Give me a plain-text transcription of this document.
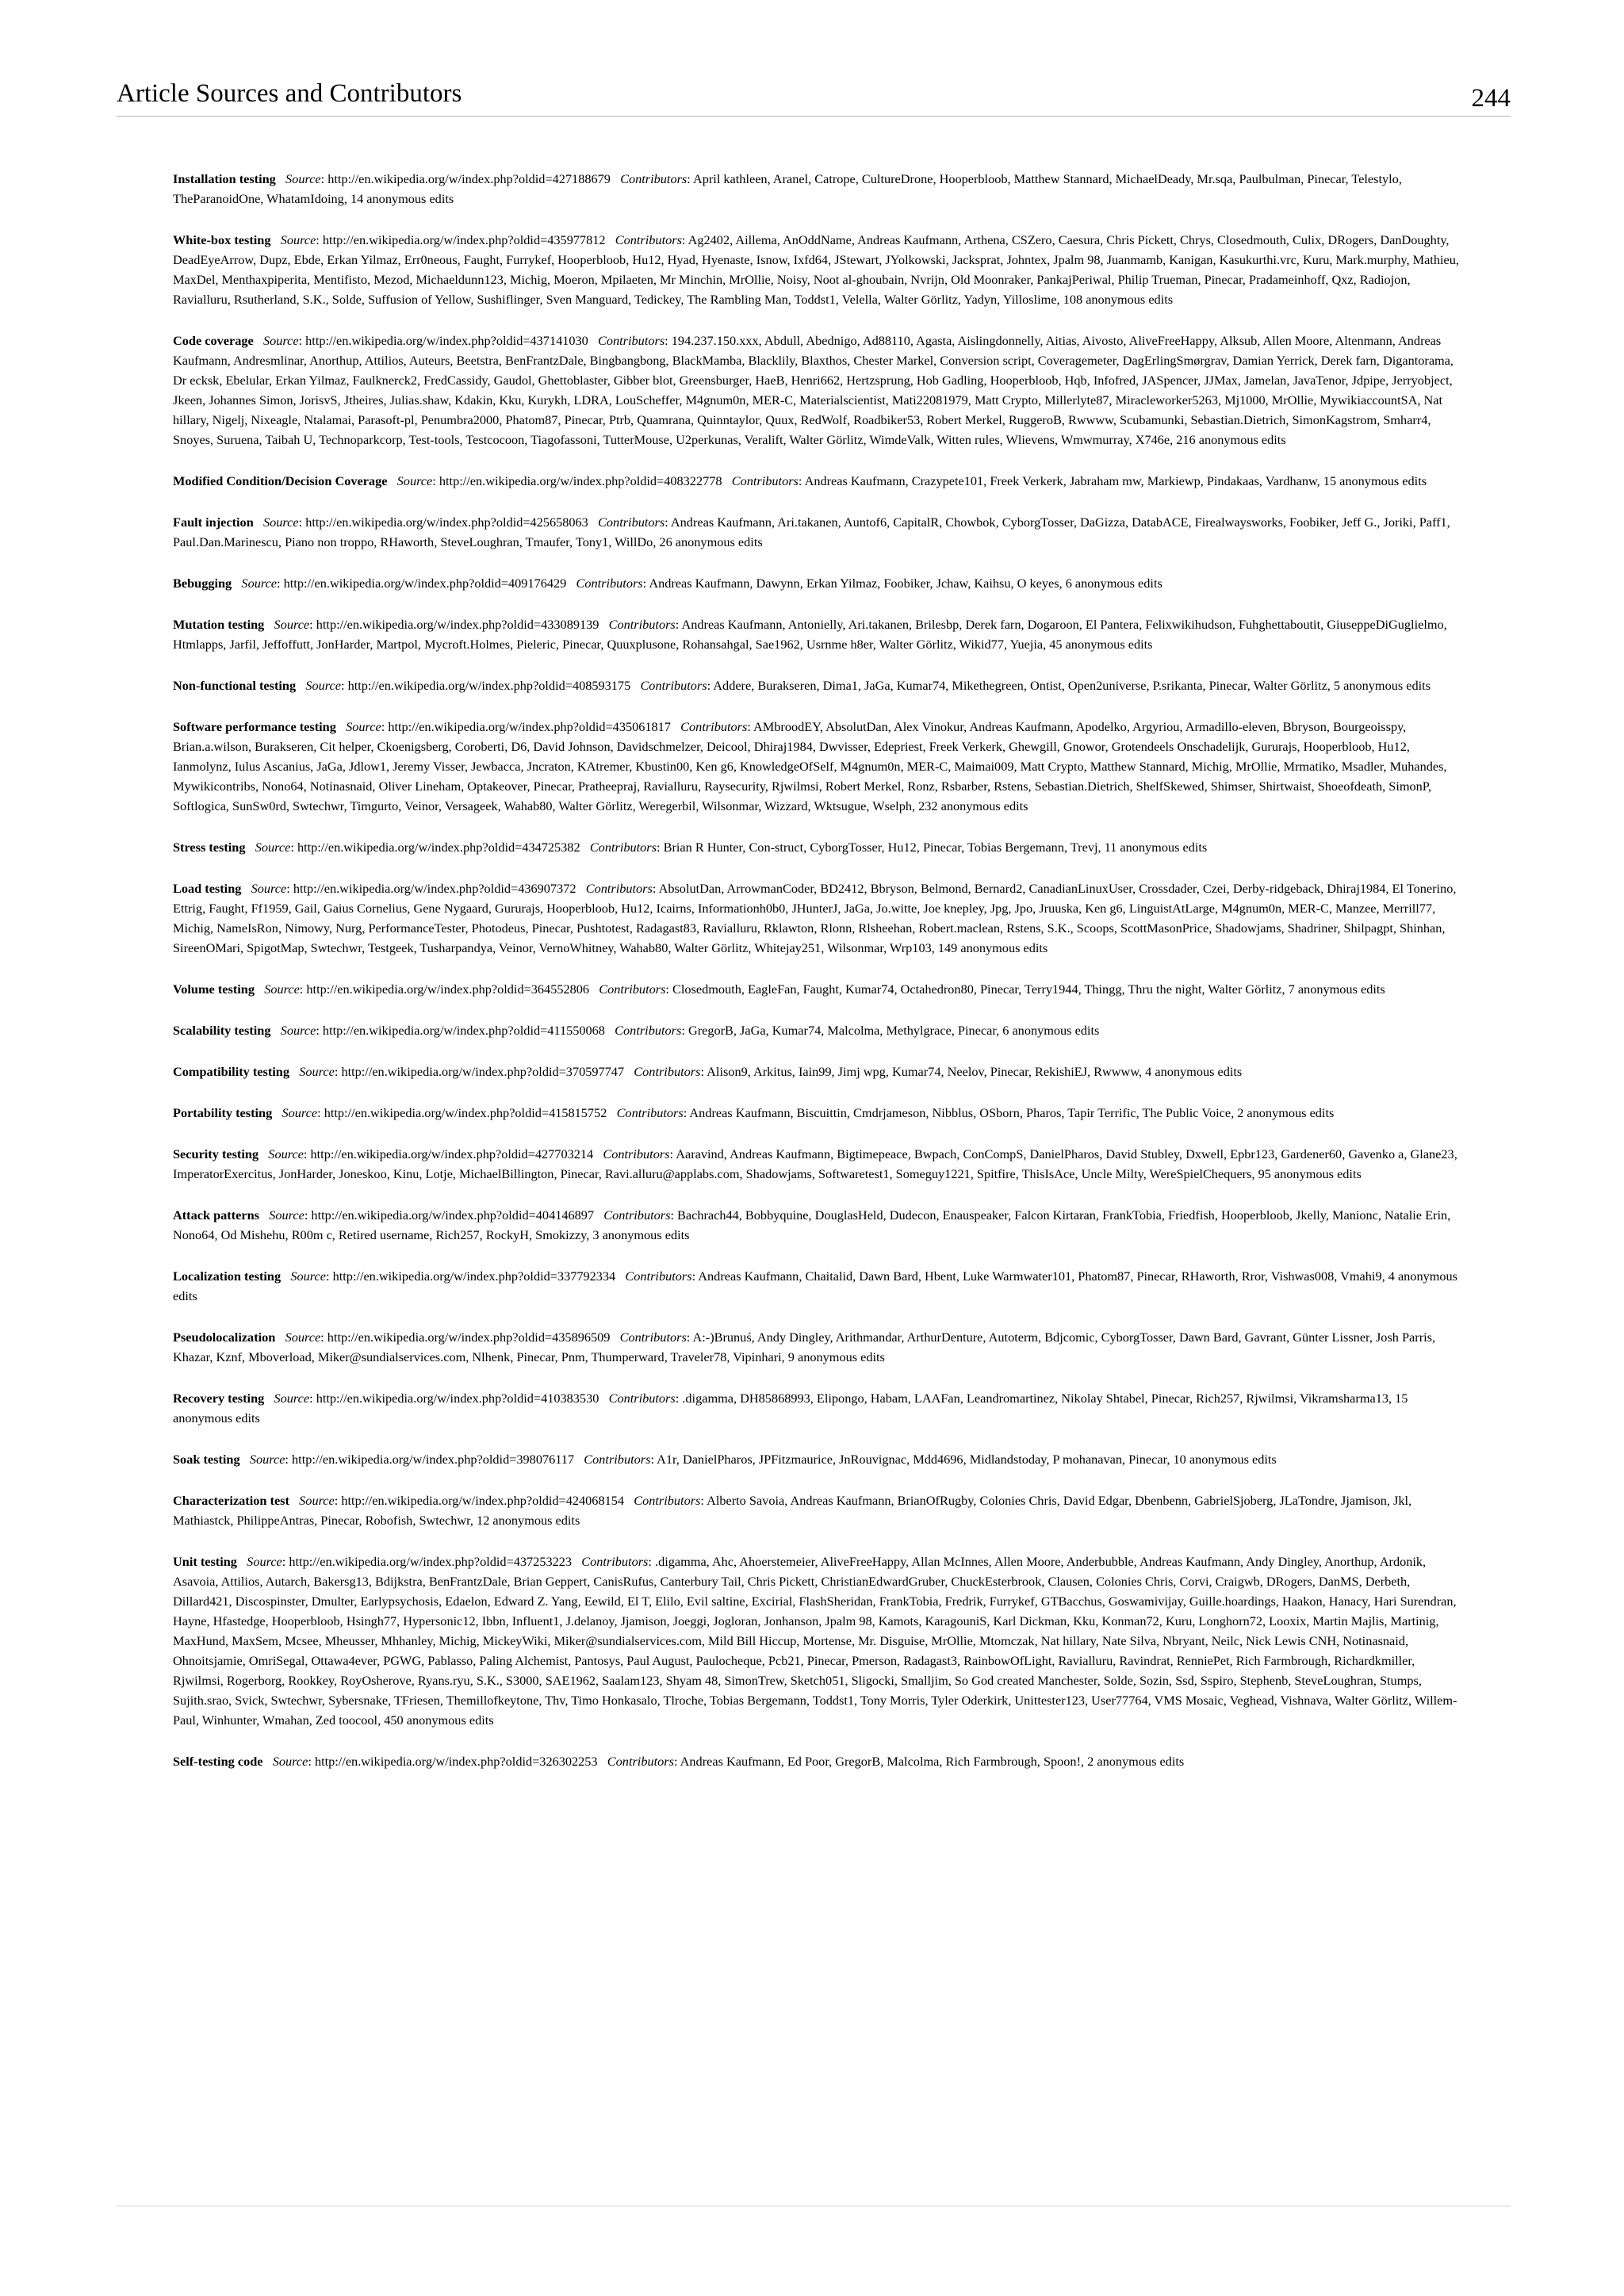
Article Sources and Contributors	244

Installation testing  Source: http://en.wikipedia.org/w/index.php?oldid=427188679  Contributors: April kathleen, Aranel, Catrope, CultureDrone, Hooperbloob, Matthew Stannard, MichaelDeady, Mr.sqa, Paulbulman, Pinecar, Telestylo, TheParanoidOne, WhatamIdoing, 14 anonymous edits

White-box testing  Source: http://en.wikipedia.org/w/index.php?oldid=435977812  Contributors: Ag2402, Aillema, AnOddName, Andreas Kaufmann, Arthena, CSZero, Caesura, Chris Pickett, Chrys, Closedmouth, Culix, DRogers, DanDoughty, DeadEyeArrow, Dupz, Ebde, Erkan Yilmaz, Err0neous, Faught, Furrykef, Hooperbloob, Hu12, Hyad, Hyenaste, Isnow, Ixfd64, JStewart, JYolkowski, Jacksprat, Johntex, Jpalm 98, Juanmamb, Kanigan, Kasukurthi.vrc, Kuru, Mark.murphy, Mathieu, MaxDel, Menthaxpiperita, Mentifisto, Mezod, Michaeldunn123, Michig, Moeron, Mpilaeten, Mr Minchin, MrOllie, Noisy, Noot al-ghoubain, Nvrijn, Old Moonraker, PankajPeriwal, Philip Trueman, Pinecar, Pradameinhoff, Qxz, Radiojon, Ravialluru, Rsutherland, S.K., Solde, Suffusion of Yellow, Sushiflinger, Sven Manguard, Tedickey, The Rambling Man, Toddst1, Velella, Walter Görlitz, Yadyn, Yilloslime, 108 anonymous edits

Code coverage  Source: http://en.wikipedia.org/w/index.php?oldid=437141030  Contributors: 194.237.150.xxx, Abdull, Abednigo, Ad88110, Agasta, Aislingdonnelly, Aitias, Aivosto, AliveFreeHappy, Alksub, Allen Moore, Altenmann, Andreas Kaufmann, Andresmlinar, Anorthup, Attilios, Auteurs, Beetstra, BenFrantzDale, Bingbangbong, BlackMamba, Blacklily, Blaxthos, Chester Markel, Conversion script, Coveragemeter, DagErlingSmørgrav, Damian Yerrick, Derek farn, Digantorama, Dr ecksk, Ebelular, Erkan Yilmaz, Faulknerck2, FredCassidy, Gaudol, Ghettoblaster, Gibber blot, Greensburger, HaeB, Henri662, Hertzsprung, Hob Gadling, Hooperbloob, Hqb, Infofred, JASpencer, JJMax, Jamelan, JavaTenor, Jdpipe, Jerryobject, Jkeen, Johannes Simon, JorisvS, Jtheires, Julias.shaw, Kdakin, Kku, Kurykh, LDRA, LouScheffer, M4gnum0n, MER-C, Materialscientist, Mati22081979, Matt Crypto, Millerlyte87, Miracleworker5263, Mj1000, MrOllie, MywikiaccountSA, Nat hillary, Nigelj, Nixeagle, Ntalamai, Parasoft-pl, Penumbra2000, Phatom87, Pinecar, Ptrb, Quamrana, Quinntaylor, Quux, RedWolf, Roadbiker53, Robert Merkel, RuggeroB, Rwwww, Scubamunki, Sebastian.Dietrich, SimonKagstrom, Smharr4, Snoyes, Suruena, Taibah U, Technoparkcorp, Test-tools, Testcocoon, Tiagofassoni, TutterMouse, U2perkunas, Veralift, Walter Görlitz, WimdeValk, Witten rules, Wlievens, Wmwmurray, X746e, 216 anonymous edits

Modified Condition/Decision Coverage  Source: http://en.wikipedia.org/w/index.php?oldid=408322778  Contributors: Andreas Kaufmann, Crazypete101, Freek Verkerk, Jabraham mw, Markiewp, Pindakaas, Vardhanw, 15 anonymous edits

Fault injection  Source: http://en.wikipedia.org/w/index.php?oldid=425658063  Contributors: Andreas Kaufmann, Ari.takanen, Auntof6, CapitalR, Chowbok, CyborgTosser, DaGizza, DatabACE, Firealwaysworks, Foobiker, Jeff G., Joriki, Paff1, Paul.Dan.Marinescu, Piano non troppo, RHaworth, SteveLoughran, Tmaufer, Tony1, WillDo, 26 anonymous edits

Bebugging  Source: http://en.wikipedia.org/w/index.php?oldid=409176429  Contributors: Andreas Kaufmann, Dawynn, Erkan Yilmaz, Foobiker, Jchaw, Kaihsu, O keyes, 6 anonymous edits

Mutation testing  Source: http://en.wikipedia.org/w/index.php?oldid=433089139  Contributors: Andreas Kaufmann, Antonielly, Ari.takanen, Brilesbp, Derek farn, Dogaroon, El Pantera, Felixwikihudson, Fuhghettaboutit, GiuseppeDiGuglielmo, Htmlapps, Jarfil, Jeffoffutt, JonHarder, Martpol, Mycroft.Holmes, Pieleric, Pinecar, Quuxplusone, Rohansahgal, Sae1962, Usrnme h8er, Walter Görlitz, Wikid77, Yuejia, 45 anonymous edits

Non-functional testing  Source: http://en.wikipedia.org/w/index.php?oldid=408593175  Contributors: Addere, Burakseren, Dima1, JaGa, Kumar74, Mikethegreen, Ontist, Open2universe, P.srikanta, Pinecar, Walter Görlitz, 5 anonymous edits

Software performance testing  Source: http://en.wikipedia.org/w/index.php?oldid=435061817  Contributors: AMbroodEY, AbsolutDan, Alex Vinokur, Andreas Kaufmann, Apodelko, Argyriou, Armadillo-eleven, Bbryson, Bourgeoisspy, Brian.a.wilson, Burakseren, Cit helper, Ckoenigsberg, Coroberti, D6, David Johnson, Davidschmelzer, Deicool, Dhiraj1984, Dwvisser, Edepriest, Freek Verkerk, Ghewgill, Gnowor, Grotendeels Onschadelijk, Gururajs, Hooperbloob, Hu12, Ianmolynz, Iulus Ascanius, JaGa, Jdlow1, Jeremy Visser, Jewbacca, Jncraton, KAtremer, Kbustin00, Ken g6, KnowledgeOfSelf, M4gnum0n, MER-C, Maimai009, Matt Crypto, Matthew Stannard, Michig, MrOllie, Mrmatiko, Msadler, Muhandes, Mywikicontribs, Nono64, Notinasnaid, Oliver Lineham, Optakeover, Pinecar, Pratheepraj, Ravialluru, Raysecurity, Rjwilmsi, Robert Merkel, Ronz, Rsbarber, Rstens, Sebastian.Dietrich, ShelfSkewed, Shimser, Shirtwaist, Shoeofdeath, SimonP, Softlogica, SunSw0rd, Swtechwr, Timgurto, Veinor, Versageek, Wahab80, Walter Görlitz, Weregerbil, Wilsonmar, Wizzard, Wktsugue, Wselph, 232 anonymous edits

Stress testing  Source: http://en.wikipedia.org/w/index.php?oldid=434725382  Contributors: Brian R Hunter, Con-struct, CyborgTosser, Hu12, Pinecar, Tobias Bergemann, Trevj, 11 anonymous edits

Load testing  Source: http://en.wikipedia.org/w/index.php?oldid=436907372  Contributors: AbsolutDan, ArrowmanCoder, BD2412, Bbryson, Belmond, Bernard2, CanadianLinuxUser, Crossdader, Czei, Derby-ridgeback, Dhiraj1984, El Tonerino, Ettrig, Faught, Ff1959, Gail, Gaius Cornelius, Gene Nygaard, Gururajs, Hooperbloob, Hu12, Icairns, Informationh0b0, JHunterJ, JaGa, Jo.witte, Joe knepley, Jpg, Jpo, Jruuska, Ken g6, LinguistAtLarge, M4gnum0n, MER-C, Manzee, Merrill77, Michig, NameIsRon, Nimowy, Nurg, PerformanceTester, Photodeus, Pinecar, Pushtotest, Radagast83, Ravialluru, Rklawton, Rlonn, Rlsheehan, Robert.maclean, Rstens, S.K., Scoops, ScottMasonPrice, Shadowjams, Shadriner, Shilpagpt, Shinhan, SireenOMari, SpigotMap, Swtechwr, Testgeek, Tusharpandya, Veinor, VernoWhitney, Wahab80, Walter Görlitz, Whitejay251, Wilsonmar, Wrp103, 149 anonymous edits

Volume testing  Source: http://en.wikipedia.org/w/index.php?oldid=364552806  Contributors: Closedmouth, EagleFan, Faught, Kumar74, Octahedron80, Pinecar, Terry1944, Thingg, Thru the night, Walter Görlitz, 7 anonymous edits

Scalability testing  Source: http://en.wikipedia.org/w/index.php?oldid=411550068  Contributors: GregorB, JaGa, Kumar74, Malcolma, Methylgrace, Pinecar, 6 anonymous edits

Compatibility testing  Source: http://en.wikipedia.org/w/index.php?oldid=370597747  Contributors: Alison9, Arkitus, Iain99, Jimj wpg, Kumar74, Neelov, Pinecar, RekishiEJ, Rwwww, 4 anonymous edits

Portability testing  Source: http://en.wikipedia.org/w/index.php?oldid=415815752  Contributors: Andreas Kaufmann, Biscuittin, Cmdrjameson, Nibblus, OSborn, Pharos, Tapir Terrific, The Public Voice, 2 anonymous edits

Security testing  Source: http://en.wikipedia.org/w/index.php?oldid=427703214  Contributors: Aaravind, Andreas Kaufmann, Bigtimepeace, Bwpach, ConCompS, DanielPharos, David Stubley, Dxwell, Epbr123, Gardener60, Gavenko a, Glane23, ImperatorExercitus, JonHarder, Joneskoo, Kinu, Lotje, MichaelBillington, Pinecar, Ravi.alluru@applabs.com, Shadowjams, Softwaretest1, Someguy1221, Spitfire, ThisIsAce, Uncle Milty, WereSpielChequers, 95 anonymous edits

Attack patterns  Source: http://en.wikipedia.org/w/index.php?oldid=404146897  Contributors: Bachrach44, Bobbyquine, DouglasHeld, Dudecon, Enauspeaker, Falcon Kirtaran, FrankTobia, Friedfish, Hooperbloob, Jkelly, Manionc, Natalie Erin, Nono64, Od Mishehu, R00m c, Retired username, Rich257, RockyH, Smokizzy, 3 anonymous edits

Localization testing  Source: http://en.wikipedia.org/w/index.php?oldid=337792334  Contributors: Andreas Kaufmann, Chaitalid, Dawn Bard, Hbent, Luke Warmwater101, Phatom87, Pinecar, RHaworth, Rror, Vishwas008, Vmahi9, 4 anonymous edits

Pseudolocalization  Source: http://en.wikipedia.org/w/index.php?oldid=435896509  Contributors: A:-)Brunuś, Andy Dingley, Arithmandar, ArthurDenture, Autoterm, Bdjcomic, CyborgTosser, Dawn Bard, Gavrant, Günter Lissner, Josh Parris, Khazar, Kznf, Mboverload, Miker@sundialservices.com, Nlhenk, Pinecar, Pnm, Thumperward, Traveler78, Vipinhari, 9 anonymous edits

Recovery testing  Source: http://en.wikipedia.org/w/index.php?oldid=410383530  Contributors: .digamma, DH85868993, Elipongo, Habam, LAAFan, Leandromartinez, Nikolay Shtabel, Pinecar, Rich257, Rjwilmsi, Vikramsharma13, 15 anonymous edits

Soak testing  Source: http://en.wikipedia.org/w/index.php?oldid=398076117  Contributors: A1r, DanielPharos, JPFitzmaurice, JnRouvignac, Mdd4696, Midlandstoday, P mohanavan, Pinecar, 10 anonymous edits

Characterization test  Source: http://en.wikipedia.org/w/index.php?oldid=424068154  Contributors: Alberto Savoia, Andreas Kaufmann, BrianOfRugby, Colonies Chris, David Edgar, Dbenbenn, GabrielSjoberg, JLaTondre, Jjamison, Jkl, Mathiastck, PhilippeAntras, Pinecar, Robofish, Swtechwr, 12 anonymous edits

Unit testing  Source: http://en.wikipedia.org/w/index.php?oldid=437253223  Contributors: .digamma, Ahc, Ahoerstemeier, AliveFreeHappy, Allan McInnes, Allen Moore, Anderbubble, Andreas Kaufmann, Andy Dingley, Anorthup, Ardonik, Asavoia, Attilios, Autarch, Bakersg13, Bdijkstra, BenFrantzDale, Brian Geppert, CanisRufus, Canterbury Tail, Chris Pickett, ChristianEdwardGruber, ChuckEsterbrook, Clausen, Colonies Chris, Corvi, Craigwb, DRogers, DanMS, Derbeth, Dillard421, Discospinster, Dmulter, Earlypsychosis, Edaelon, Edward Z. Yang, Eewild, El T, Elilo, Evil saltine, Excirial, FlashSheridan, FrankTobia, Fredrik, Furrykef, GTBacchus, Goswamivijay, Guille.hoardings, Haakon, Hanacy, Hari Surendran, Hayne, Hfastedge, Hooperbloob, Hsingh77, Hypersonic12, Ibbn, Influent1, J.delanoy, Jjamison, Joeggi, Jogloran, Jonhanson, Jpalm 98, Kamots, KaragouniS, Karl Dickman, Kku, Konman72, Kuru, Longhorn72, Looxix, Martin Majlis, Martinig, MaxHund, MaxSem, Mcsee, Mheusser, Mhhanley, Michig, MickeyWiki, Miker@sundialservices.com, Mild Bill Hiccup, Mortense, Mr. Disguise, MrOllie, Mtomczak, Nat hillary, Nate Silva, Nbryant, Neilc, Nick Lewis CNH, Notinasnaid, Ohnoitsjamie, OmriSegal, Ottawa4ever, PGWG, Pablasso, Paling Alchemist, Pantosys, Paul August, Paulocheque, Pcb21, Pinecar, Pmerson, Radagast3, RainbowOfLight, Ravialluru, Ravindrat, RenniePet, Rich Farmbrough, Richardkmiller, Rjwilmsi, Rogerborg, Rookkey, RoyOsherove, Ryans.ryu, S.K., S3000, SAE1962, Saalam123, Shyam 48, SimonTrew, Sketch051, Sligocki, Smalljim, So God created Manchester, Solde, Sozin, Ssd, Sspiro, Stephenb, SteveLoughran, Stumps, Sujith.srao, Svick, Swtechwr, Sybersnake, TFriesen, Themillofkeytone, Thv, Timo Honkasalo, Tlroche, Tobias Bergemann, Toddst1, Tony Morris, Tyler Oderkirk, Unittester123, User77764, VMS Mosaic, Veghead, Vishnava, Walter Görlitz, Willem-Paul, Winhunter, Wmahan, Zed toocool, 450 anonymous edits

Self-testing code  Source: http://en.wikipedia.org/w/index.php?oldid=326302253  Contributors: Andreas Kaufmann, Ed Poor, GregorB, Malcolma, Rich Farmbrough, Spoon!, 2 anonymous edits
